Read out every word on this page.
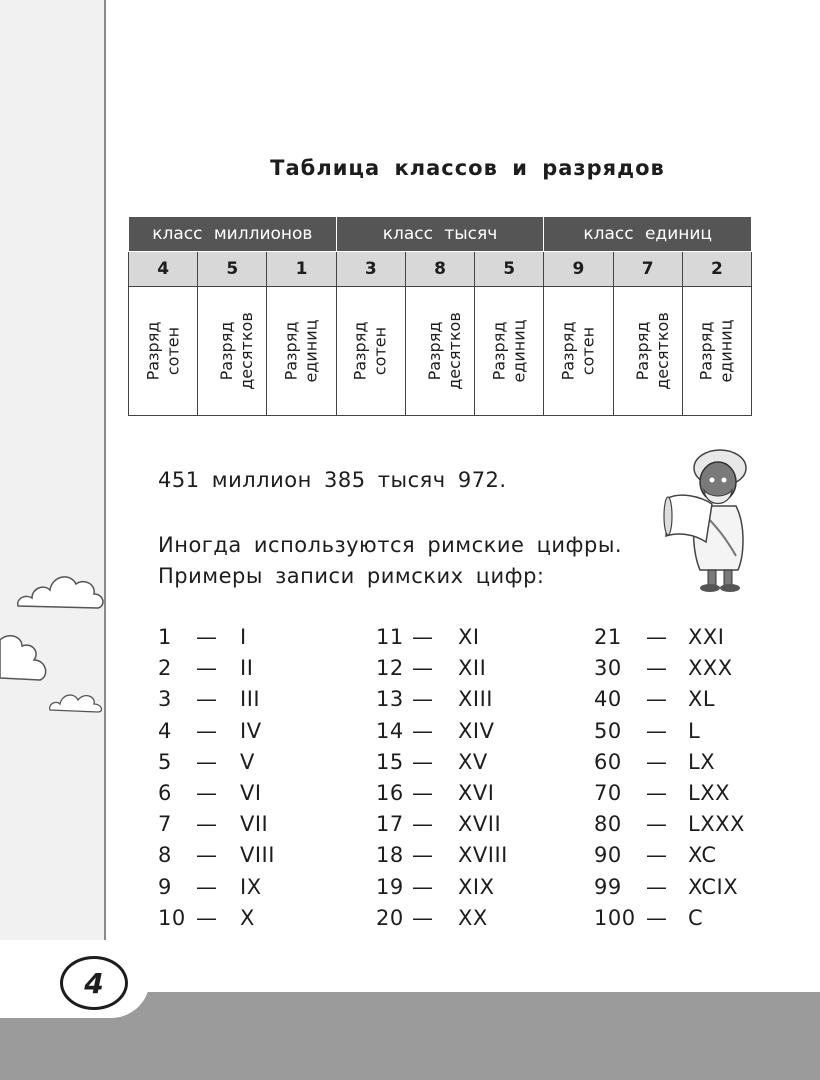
Таблица классов и разрядов
класс миллионов			класс тысяч			класс единиц		
4	5	1	3	8	5	9	7	2

Разряд сотен	Разряд десятков	Разряд единиц	Разряд сотен	Разряд десятков	Разряд единиц	Разряд сотен	Разряд десятков	Разряд единиц
451 миллион 385 тысяч 972.
Иногда используются римские цифры.
Примеры записи римских цифр:
1	—	I
2	—	II
3	—	III
4	—	IV
5	—	V
6	—	VI
7	—	VII
8	—	VIII
9	—	IX
10 —	X
11 —	XI
12 —	XII
13 —	XIII
14 —	XIV
15 —	XV
16 —	XVI
17 —	XVII
18 —	XVIII
19 —	XIX
20 —	XX
21	— XXI
30	— XXX
40	— XL
50	— L
60	— LX
70	— LXX
80	— LXXX
90	— XC
99	— XCIX
100 — C
4
